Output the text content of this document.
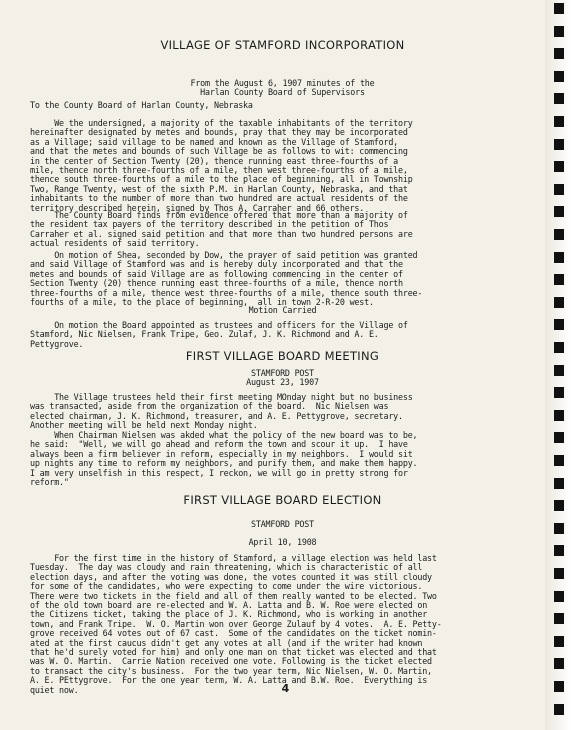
VILLAGE OF STAMFORD INCORPORATION
From the August 6, 1907 minutes of the
Harlan County Board of Supervisors
To the County Board of Harlan County, Nebraska
We the undersigned, a majority of the taxable inhabitants of the territory
hereinafter designated by metes and bounds, pray that they may be incorporated
as a Village; said village to be named and known as the Village of Stamford,
and that the metes and bounds of such Village be as follows to wit: commencing
in the center of Section Twenty (20), thence running east three-fourths of a
mile, thence north three-fourths of a mile, then west three-fourths of a mile,
thence south three-fourths of a mile to the place of beginning, all in Township
Two, Range Twenty, west of the sixth P.M. in Harlan County, Nebraska, and that
inhabitants to the number of more than two hundred are actual residents of the
territory described herein, signed by Thos A. Carraher and 66 others.
The County Board finds from evidence offered that more than a majority of
the resident tax payers of the territory described in the petition of Thos
Carraher et al. signed said petition and that more than two hundred persons are
actual residents of said territory.
On motion of Shea, seconded by Dow, the prayer of said petition was granted
and said Village of Stamford was and is hereby duly incorporated and that the
metes and bounds of said Village are as following commencing in the center of
Section Twenty (20) thence running east three-fourths of a mile, thence north
three-fourths of a mile, thence west three-fourths of a mile, thence south three-
fourths of a mile, to the place of beginning,  all in town 2-R-20 west.
Motion Carried
On motion the Board appointed as trustees and officers for the Village of
Stamford, Nic Nielsen, Frank Tripe, Geo. Zulaf, J. K. Richmond and A. E.
Pettygrove.
FIRST VILLAGE BOARD MEETING
STAMFORD POST
August 23, 1907
The Village trustees held their first meeting MOnday night but no business
was transacted, aside from the organization of the board.  Nic Nielsen was
elected chairman, J. K. Richmond, treasurer, and A. E. Pettygrove, secretary.
Another meeting will be held next Monday night.
When Chairman Nielsen was akded what the policy of the new board was to be,
he said:  "Well, we will go ahead and reform the town and scour it up.  I have
always been a firm believer in reform, especially in my neighbors.  I would sit
up nights any time to reform my neighbors, and purify them, and make them happy.
I am very unselfish in this respect, I reckon, we will go in pretty strong for
reform."
FIRST VILLAGE BOARD ELECTION
STAMFORD POST
April 10, 1908
For the first time in the history of Stamford, a village election was held last
Tuesday.  The day was cloudy and rain threatening, which is characteristic of all
election days, and after the voting was done, the votes counted it was still cloudy
for some of the candidates, who were expecting to come under the wire victorious.
There were two tickets in the field and all of them really wanted to be elected. Two
of the old town board are re-elected and W. A. Latta and B. W. Roe were elected on
the Citizens ticket, taking the place of J. K. Richmond, who is working in another
town, and Frank Tripe.  W. O. Martin won over George Zulauf by 4 votes.  A. E. Petty-
grove received 64 votes out of 67 cast.  Some of the candidates on the ticket nomin-
ated at the first caucus didn't get any votes at all (and if the writer had known
that he'd surely voted for him) and only one man on that ticket was elected and that
was W. O. Martin.  Carrie Nation received one vote. Following is the ticket elected
to transact the city's business.  For the two year term, Nic Nielsen, W. O. Martin,
A. E. PEttygrove.  For the one year term, W. A. Latta and B.W. Roe.  Everything is
quiet now.	4
